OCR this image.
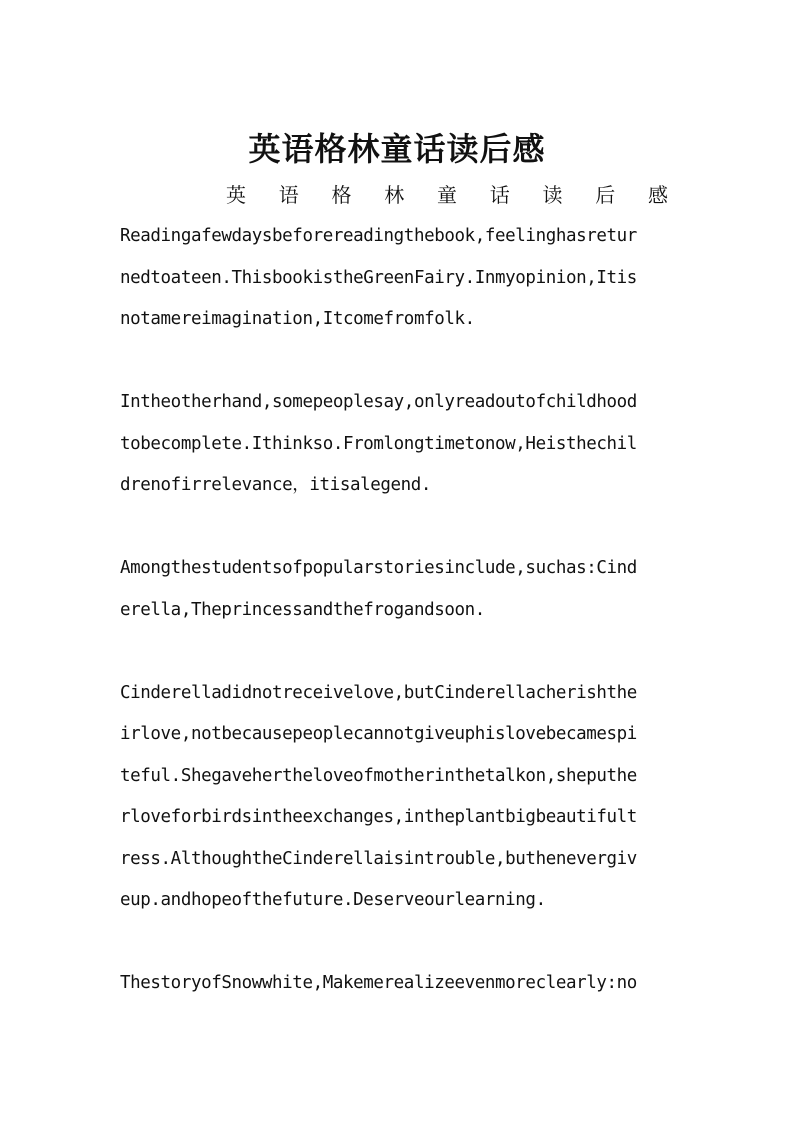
英语格林童话读后感
英 语 格 林 童 话 读 后 感
Readingafewdaysbeforereadingthebook,feelinghasretur
nedtoateen.ThisbookistheGreenFairy.Inmyopinion,Itis
notamereimagination,Itcomefromfolk.
Intheotherhand,somepeoplesay,onlyreadoutofchildhood
tobecomplete.Ithinkso.Fromlongtimetonow,Heisthechil
drenofirrelevance，itisalegend.
Amongthestudentsofpopularstoriesinclude,suchas:Cind
erella,Theprincessandthefrogandsoon.
Cinderelladidnotreceivelove,butCinderellacherishthe
irlove,notbecausepeoplecannotgiveuphislovebecamespi
teful.Shegavehertheloveofmotherinthetalkon,sheputhe
rloveforbirdsintheexchanges,intheplantbigbeautifult
ress.AlthoughtheCinderellaisintrouble,buthenevergiv
eup.andhopeofthefuture.Deserveourlearning.
ThestoryofSnowwhite,Makemerealizeevenmoreclearly:no
